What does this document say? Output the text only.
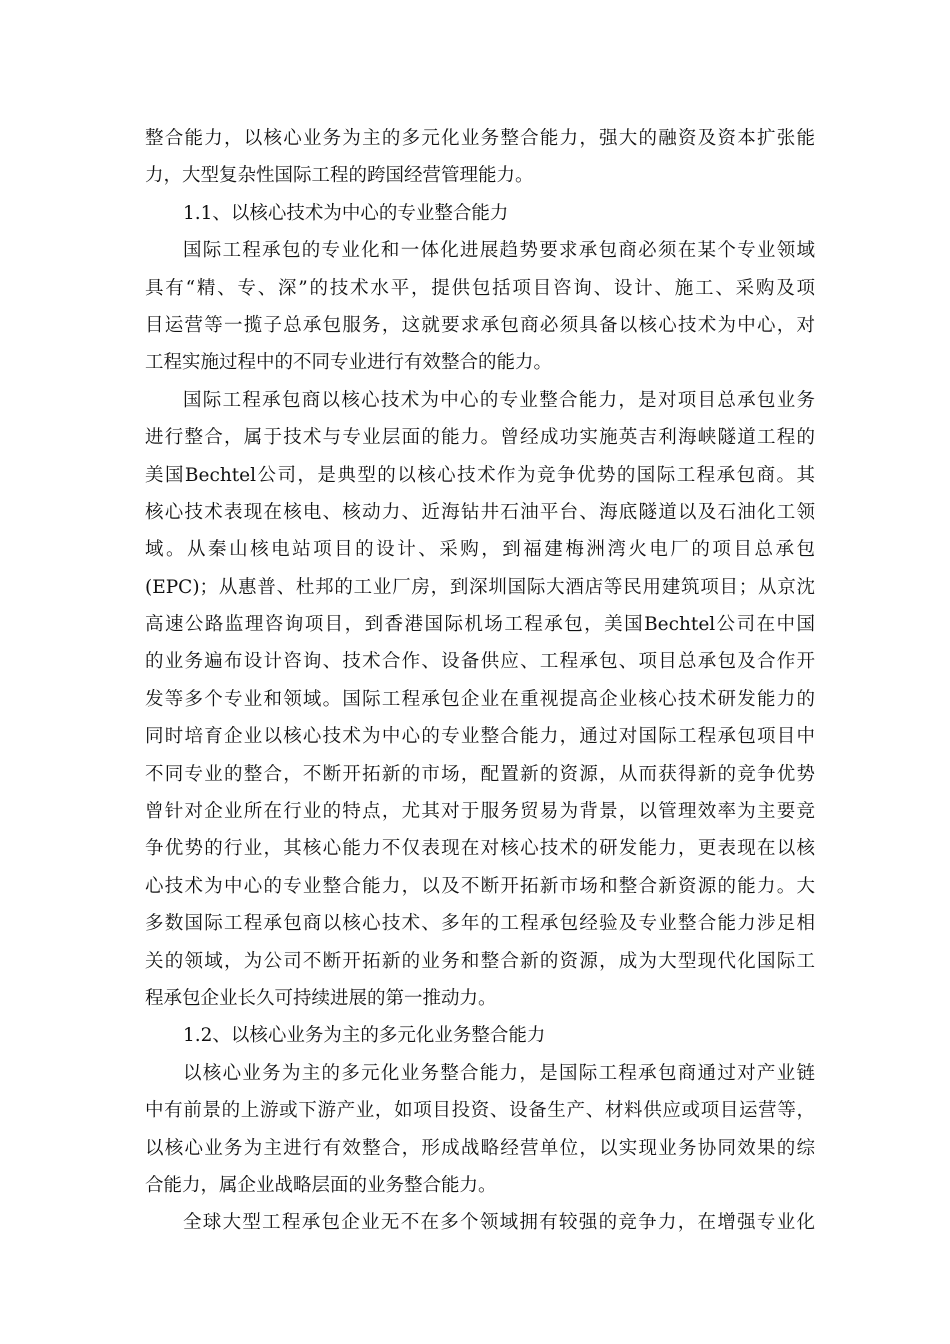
整合能力，以核心业务为主的多元化业务整合能力，强大的融资及资本扩张能
力，大型复杂性国际工程的跨国经营管理能力。
1.1、以核心技术为中心的专业整合能力
国际工程承包的专业化和一体化进展趋势要求承包商必须在某个专业领域
具有“精、专、深”的技术水平，提供包括项目咨询、设计、施工、采购及项
目运营等一揽子总承包服务，这就要求承包商必须具备以核心技术为中心，对
工程实施过程中的不同专业进行有效整合的能力。
国际工程承包商以核心技术为中心的专业整合能力，是对项目总承包业务
进行整合，属于技术与专业层面的能力。曾经成功实施英吉利海峡隧道工程的
美国Bechtel公司，是典型的以核心技术作为竞争优势的国际工程承包商。其
核心技术表现在核电、核动力、近海钻井石油平台、海底隧道以及石油化工领
域。从秦山核电站项目的设计、采购，到福建梅洲湾火电厂的项目总承包
(EPC)；从惠普、杜邦的工业厂房，到深圳国际大酒店等民用建筑项目；从京沈
高速公路监理咨询项目，到香港国际机场工程承包，美国Bechtel公司在中国
的业务遍布设计咨询、技术合作、设备供应、工程承包、项目总承包及合作开
发等多个专业和领域。国际工程承包企业在重视提高企业核心技术研发能力的
同时培育企业以核心技术为中心的专业整合能力，通过对国际工程承包项目中
不同专业的整合，不断开拓新的市场，配置新的资源，从而获得新的竞争优势
曾针对企业所在行业的特点，尤其对于服务贸易为背景，以管理效率为主要竞
争优势的行业，其核心能力不仅表现在对核心技术的研发能力，更表现在以核
心技术为中心的专业整合能力，以及不断开拓新市场和整合新资源的能力。大
多数国际工程承包商以核心技术、多年的工程承包经验及专业整合能力涉足相
关的领域，为公司不断开拓新的业务和整合新的资源，成为大型现代化国际工
程承包企业长久可持续进展的第一推动力。
1.2、以核心业务为主的多元化业务整合能力
以核心业务为主的多元化业务整合能力，是国际工程承包商通过对产业链
中有前景的上游或下游产业，如项目投资、设备生产、材料供应或项目运营等，
以核心业务为主进行有效整合，形成战略经营单位，以实现业务协同效果的综
合能力，属企业战略层面的业务整合能力。
全球大型工程承包企业无不在多个领域拥有较强的竞争力，在增强专业化
